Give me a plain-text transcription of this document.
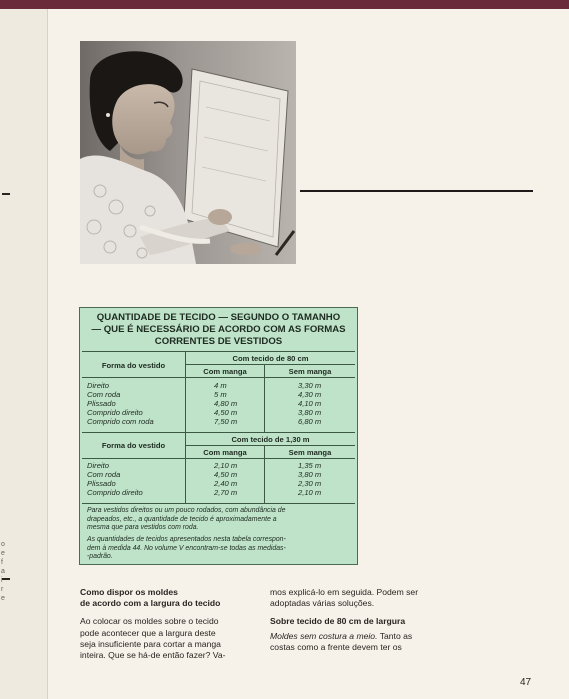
o
e
f
a
i
r
e
QUANTIDADE DE TECIDO — SEGUNDO O TAMANHO
— QUE É NECESSÁRIO DE ACORDO COM AS FORMAS
CORRENTES DE VESTIDOS
Forma do vestido
Com tecido de 80 cm
Com manga	Sem manga
Direito	4 m	3,30 m
Com roda	5 m	4,30 m
Plissado	4,80 m	4,10 m
Comprido direito	4,50 m	3,80 m
Comprido com roda	7,50 m	6,80 m
Forma do vestido
Com tecido de 1,30 m
Com manga	Sem manga
Direito	2,10 m	1,35 m
Com roda	4,50 m	3,80 m
Plissado	2,40 m	2,30 m
Comprido direito	2,70 m	2,10 m
Para vestidos direitos ou um pouco rodados, com abundância de
drapeados, etc., a quantidade de tecido é aproximadamente a
mesma que para vestidos com roda.
As quantidades de tecidos apresentados nesta tabela correspon-
dem à medida 44. No volume V encontram-se todas as medidas-
-padrão.
Como dispor os moldes
de acordo com a largura do tecido
Ao colocar os moldes sobre o tecido
pode acontecer que a largura deste
seja insuficiente para cortar a manga
inteira. Que se há-de então fazer? Va-
mos explicá-lo em seguida. Podem ser
adoptadas várias soluções.
Sobre tecido de 80 cm de largura
Moldes sem costura a meio. Tanto as
costas como a frente devem ter os
47
